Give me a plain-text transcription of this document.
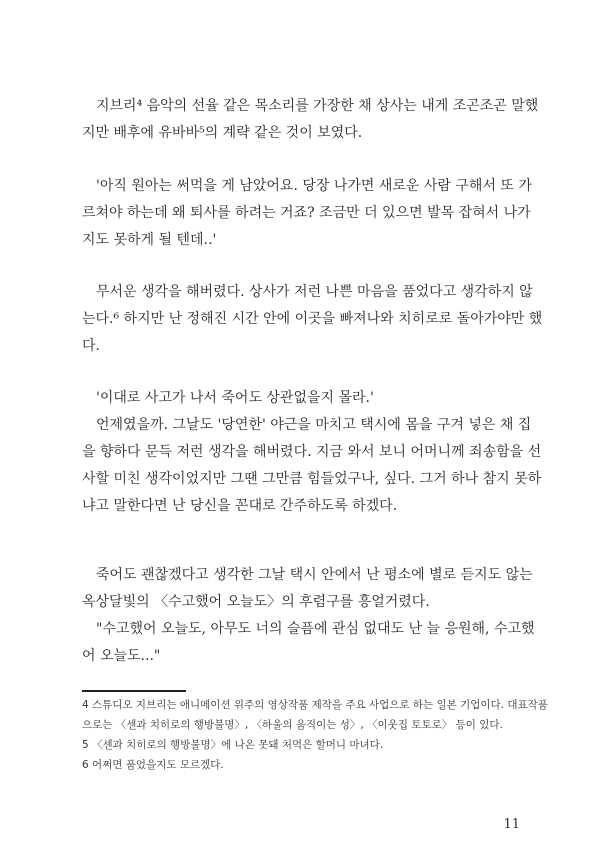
지브리⁴ 음악의 선율 같은 목소리를 가장한 채 상사는 내게 조곤조곤 말했
지만 배후에 유바바⁵의 계략 같은 것이 보였다.
'아직 원아는 써먹을 게 남았어요. 당장 나가면 새로운 사람 구해서 또 가
르쳐야 하는데 왜 퇴사를 하려는 거죠? 조금만 더 있으면 발목 잡혀서 나가
지도 못하게 될 텐데..'
무서운 생각을 해버렸다. 상사가 저런 나쁜 마음을 품었다고 생각하지 않
는다.⁶ 하지만 난 정해진 시간 안에 이곳을 빠져나와 치히로로 돌아가야만 했
다.
'이대로 사고가 나서 죽어도 상관없을지 몰라.'
언제였을까. 그날도 '당연한' 야근을 마치고 택시에 몸을 구겨 넣은 채 집
을 향하다 문득 저런 생각을 해버렸다. 지금 와서 보니 어머니께 죄송함을 선
사할 미친 생각이었지만 그땐 그만큼 힘들었구나, 싶다. 그거 하나 참지 못하
냐고 말한다면 난 당신을 꼰대로 간주하도록 하겠다.
죽어도 괜찮겠다고 생각한 그날 택시 안에서 난 평소에 별로 듣지도 않는
옥상달빛의 〈수고했어 오늘도〉의 후렴구를 흥얼거렸다.
"수고했어 오늘도, 아무도 너의 슬픔에 관심 없대도 난 늘 응원해, 수고했
어 오늘도..."
4 스튜디오 지브리는 애니메이션 위주의 영상작품 제작을 주요 사업으로 하는 일본 기업이다. 대표작품
으로는 〈센과 치히로의 행방불명〉, 〈하울의 움직이는 성〉, 〈이웃집 토토로〉 등이 있다.
5 〈센과 치히로의 행방불명〉에 나온 못돼 처먹은 할머니 마녀다.
6 어쩌면 품었을지도 모르겠다.
11
